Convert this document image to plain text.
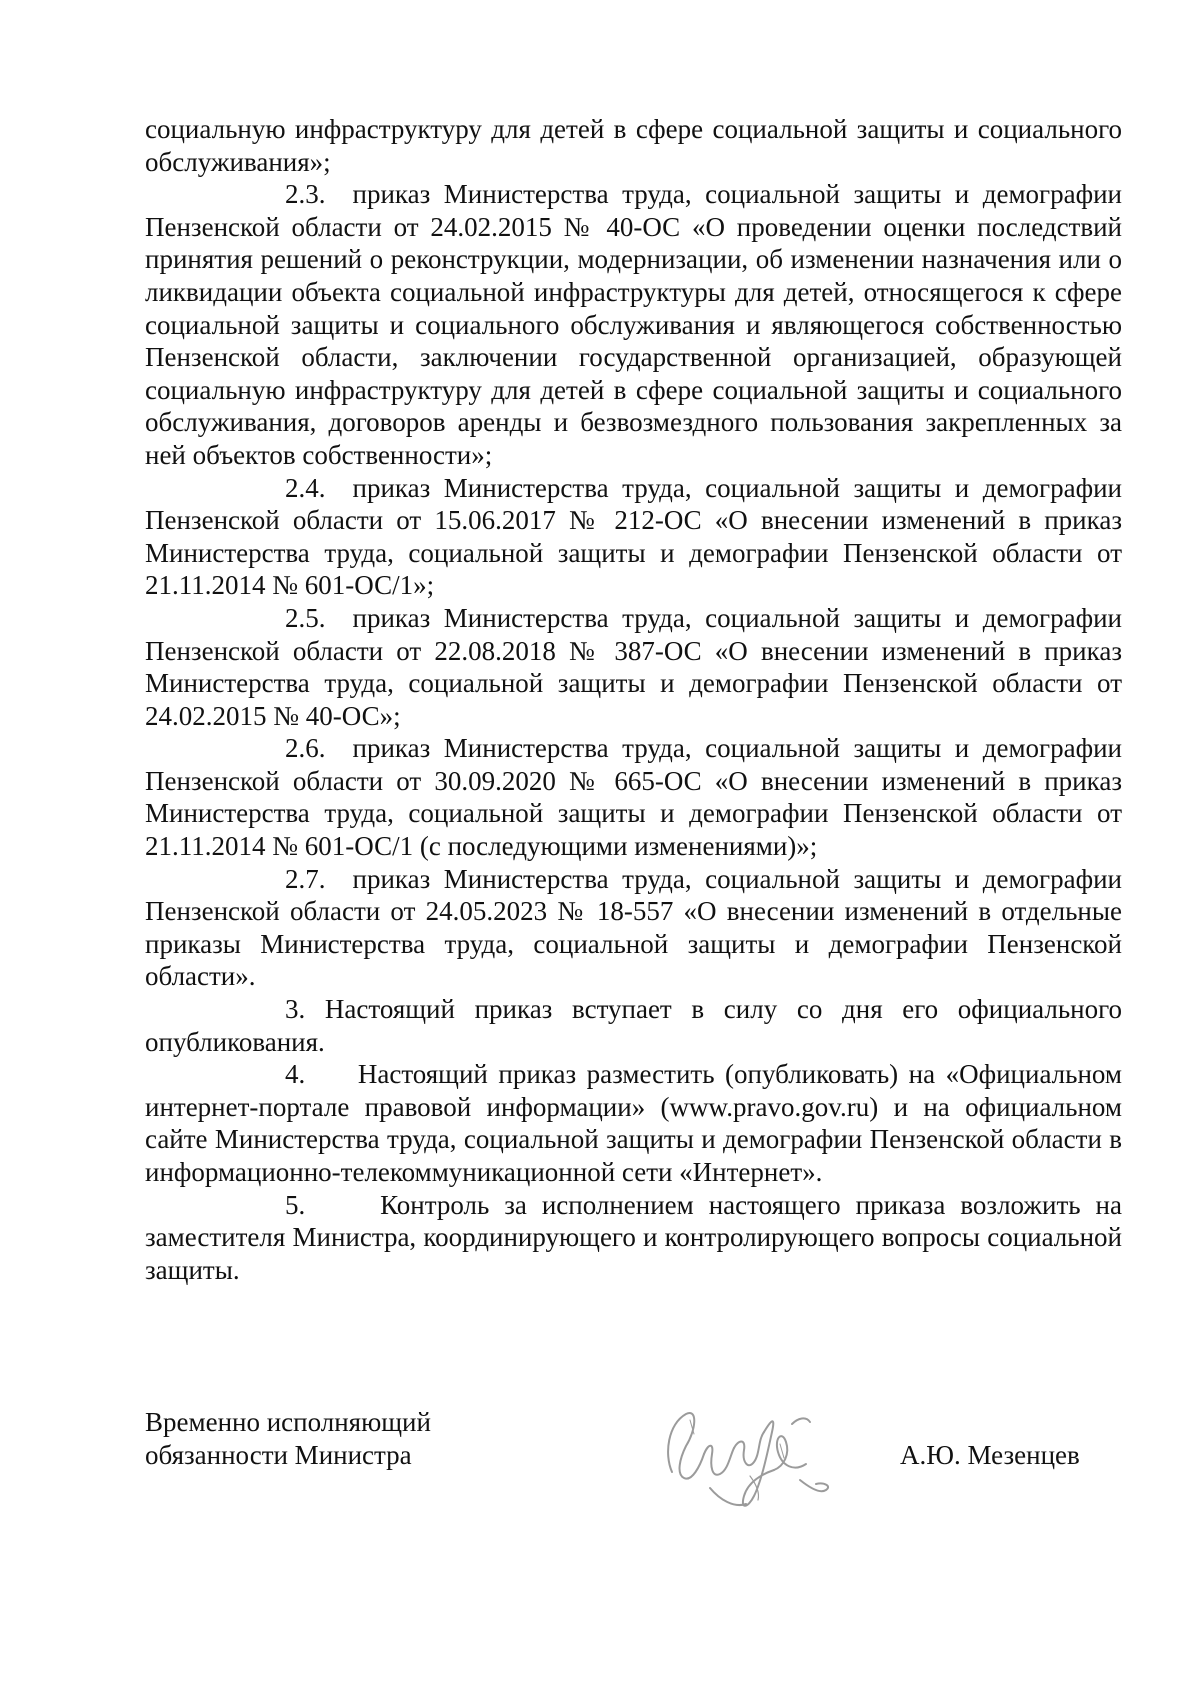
социальную инфраструктуру для детей в сфере социальной защиты и социального обслуживания»;

2.3. приказ Министерства труда, социальной защиты и демографии Пензенской области от 24.02.2015 № 40-ОС «О проведении оценки последствий принятия решений о реконструкции, модернизации, об изменении назначения или о ликвидации объекта социальной инфраструктуры для детей, относящегося к сфере социальной защиты и социального обслуживания и являющегося собственностью Пензенской области, заключении государственной организацией, образующей социальную инфраструктуру для детей в сфере социальной защиты и социального обслуживания, договоров аренды и безвозмездного пользования закрепленных за ней объектов собственности»;

2.4. приказ Министерства труда, социальной защиты и демографии Пензенской области от 15.06.2017 № 212-ОС «О внесении изменений в приказ Министерства труда, социальной защиты и демографии Пензенской области от 21.11.2014 № 601-ОС/1»;

2.5. приказ Министерства труда, социальной защиты и демографии Пензенской области от 22.08.2018 № 387-ОС «О внесении изменений в приказ Министерства труда, социальной защиты и демографии Пензенской области от 24.02.2015 № 40-ОС»;

2.6. приказ Министерства труда, социальной защиты и демографии Пензенской области от 30.09.2020 № 665-ОС «О внесении изменений в приказ Министерства труда, социальной защиты и демографии Пензенской области от 21.11.2014 № 601-ОС/1 (с последующими изменениями)»;

2.7. приказ Министерства труда, социальной защиты и демографии Пензенской области от 24.05.2023 № 18-557 «О внесении изменений в отдельные приказы Министерства труда, социальной защиты и демографии Пензенской области».

3. Настоящий приказ вступает в силу со дня его официального опубликования.

4. Настоящий приказ разместить (опубликовать) на «Официальном интернет-портале правовой информации» (www.pravo.gov.ru) и на официальном сайте Министерства труда, социальной защиты и демографии Пензенской области в информационно-телекоммуникационной сети «Интернет».

5.	Контроль за исполнением настоящего приказа возложить на заместителя Министра, координирующего и контролирующего вопросы социальной защиты.

Временно исполняющий
обязанности Министра	А.Ю. Мезенцев
